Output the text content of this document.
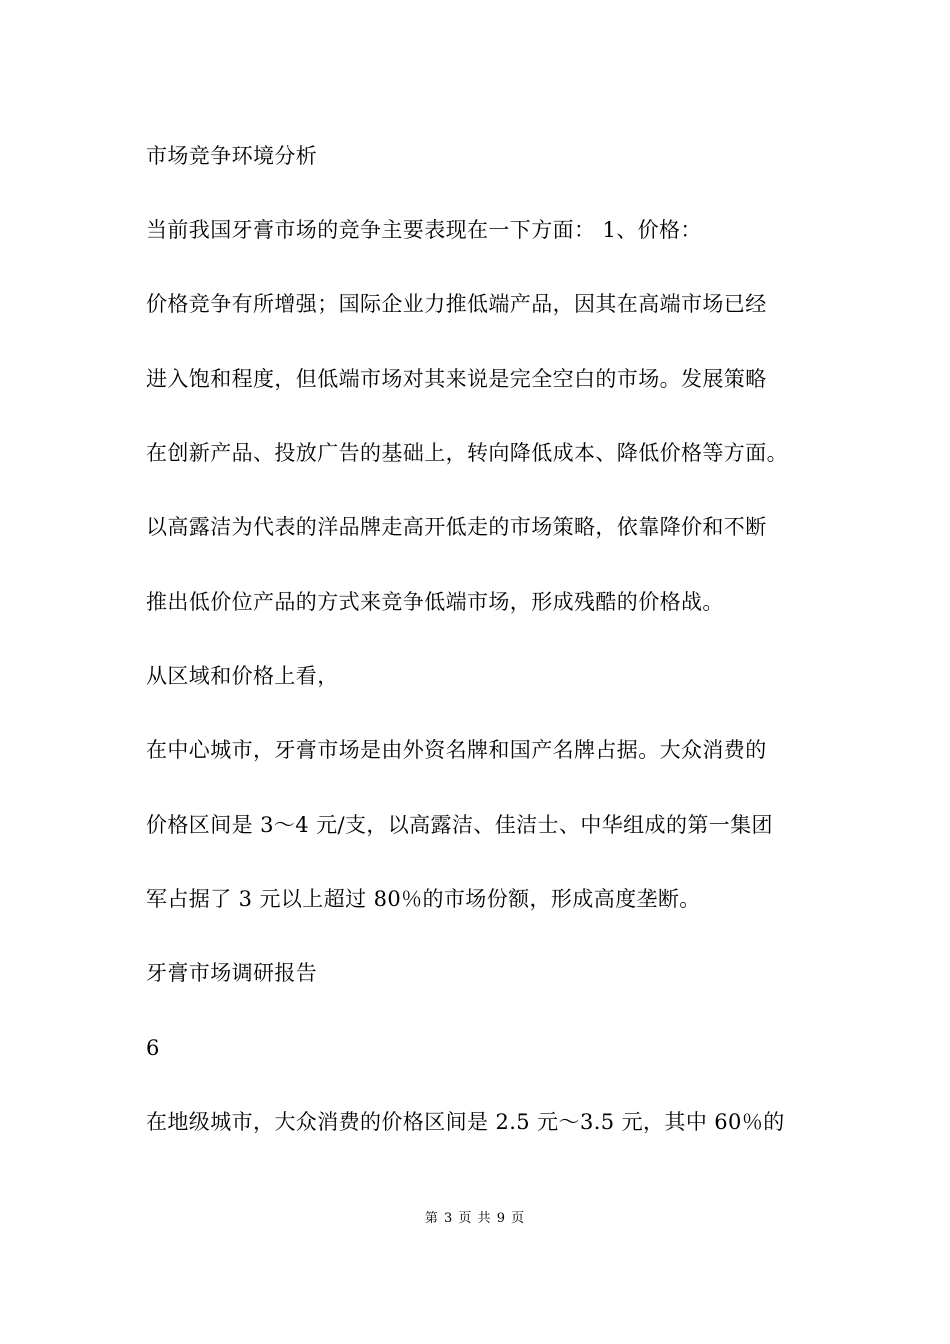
市场竞争环境分析

当前我国牙膏市场的竞争主要表现在一下方面： 1、价格：

价格竞争有所增强；国际企业力推低端产品，因其在高端市场已经

进入饱和程度，但低端市场对其来说是完全空白的市场。发展策略

在创新产品、投放广告的基础上，转向降低成本、降低价格等方面。

以高露洁为代表的洋品牌走高开低走的市场策略，依靠降价和不断

推出低价位产品的方式来竞争低端市场，形成残酷的价格战。

从区域和价格上看，

在中心城市，牙膏市场是由外资名牌和国产名牌占据。大众消费的

价格区间是 3～4 元/支，以高露洁、佳洁士、中华组成的第一集团

军占据了 3 元以上超过 80％的市场份额，形成高度垄断。

牙膏市场调研报告

6

在地级城市，大众消费的价格区间是 2.5 元～3.5 元，其中 60％的

第 3 页 共 9 页
